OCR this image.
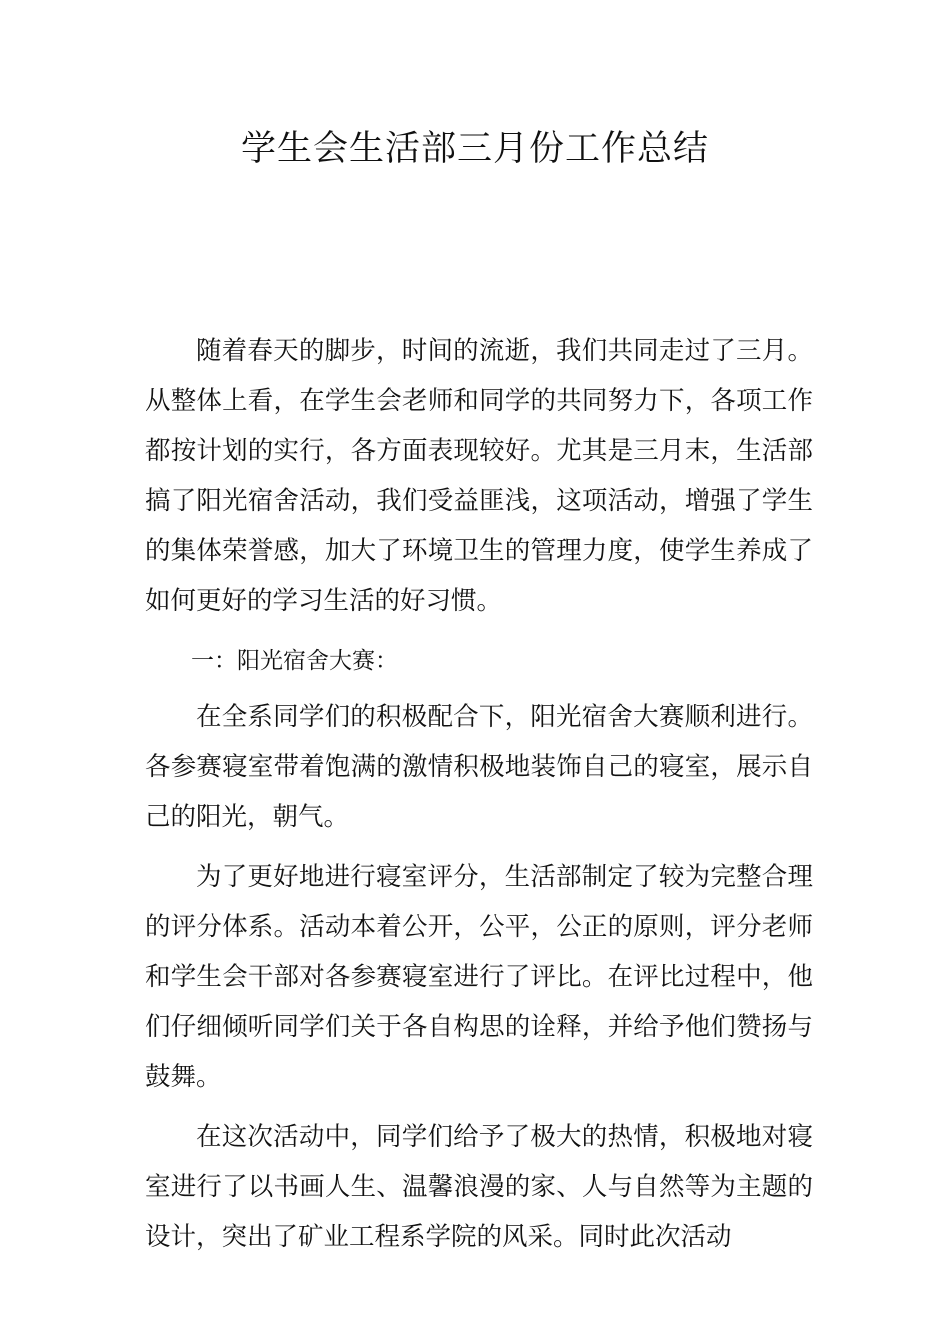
学生会生活部三月份工作总结

随着春天的脚步，时间的流逝，我们共同走过了三月。从整体上看，在学生会老师和同学的共同努力下，各项工作都按计划的实行，各方面表现较好。尤其是三月末，生活部搞了阳光宿舍活动，我们受益匪浅，这项活动，增强了学生的集体荣誉感，加大了环境卫生的管理力度，使学生养成了如何更好的学习生活的好习惯。

一：阳光宿舍大赛：

在全系同学们的积极配合下，阳光宿舍大赛顺利进行。各参赛寝室带着饱满的激情积极地装饰自己的寝室，展示自己的阳光，朝气。

为了更好地进行寝室评分，生活部制定了较为完整合理的评分体系。活动本着公开，公平，公正的原则，评分老师和学生会干部对各参赛寝室进行了评比。在评比过程中，他们仔细倾听同学们关于各自构思的诠释，并给予他们赞扬与鼓舞。

在这次活动中，同学们给予了极大的热情，积极地对寝室进行了以书画人生、温馨浪漫的家、人与自然等为主题的设计，突出了矿业工程系学院的风采。同时此次活动
